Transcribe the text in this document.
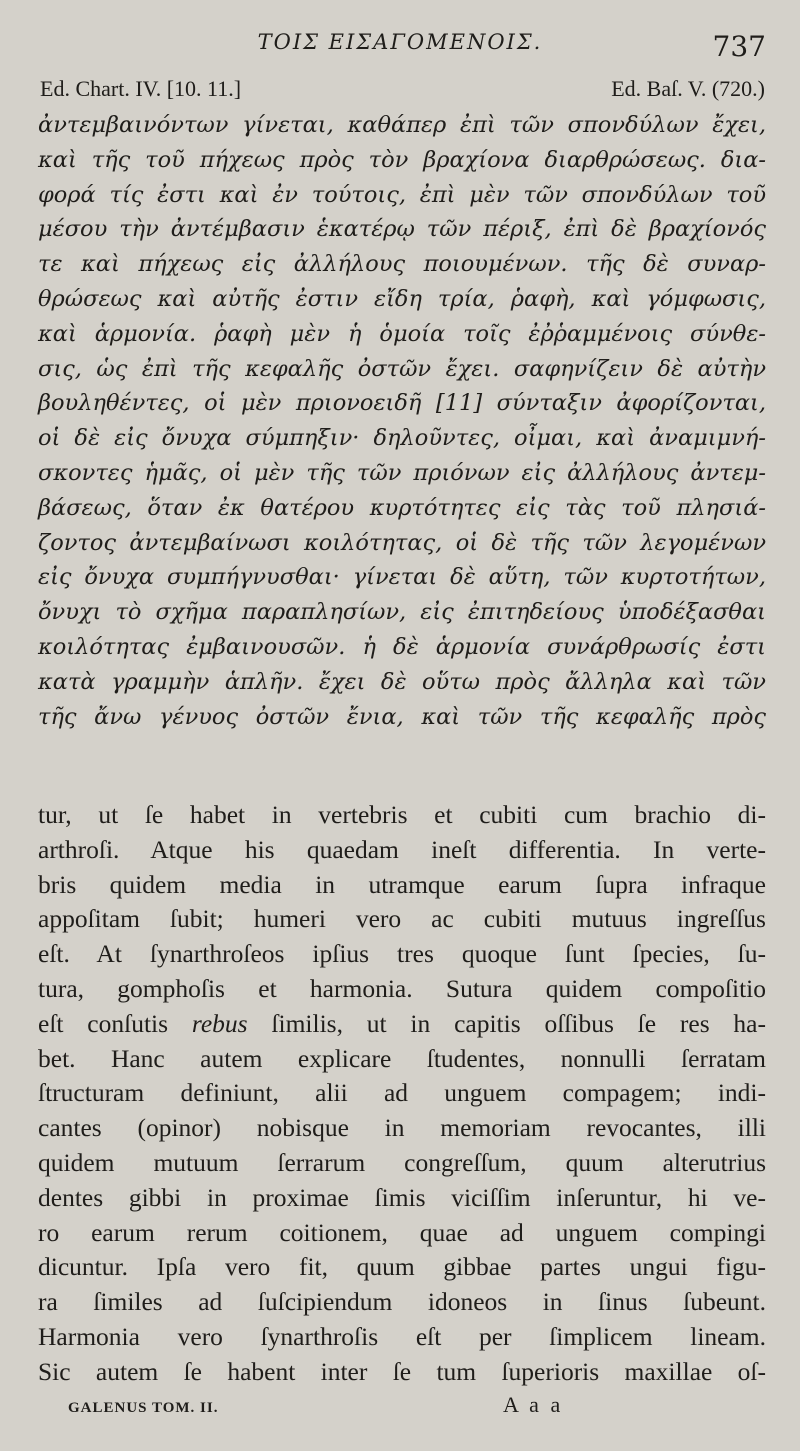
ΤΟΙΣ ΕΙΣΑΓΟΜΕΝΟΙΣ.	737
Ed. Chart. IV. [10. 11.]	Ed. Baſ. V. (720.)
ἀντεμβαινόντων γίνεται, καθάπερ ἐπὶ τῶν σπονδύλων ἔχει,
καὶ τῆς τοῦ πήχεως πρὸς τὸν βραχίονα διαρθρώσεως. δια-
φορά τίς ἐστι καὶ ἐν τούτοις, ἐπὶ μὲν τῶν σπονδύλων τοῦ
μέσου τὴν ἀντέμβασιν ἑκατέρῳ τῶν πέριξ, ἐπὶ δὲ βραχίονός
τε καὶ πήχεως εἰς ἀλλήλους ποιουμένων. τῆς δὲ συναρ-
θρώσεως καὶ αὐτῆς ἐστιν εἴδη τρία, ῥαφὴ, καὶ γόμφωσις,
καὶ ἁρμονία. ῥαφὴ μὲν ἡ ὁμοία τοῖς ἐῤῥαμμένοις σύνθε-
σις, ὡς ἐπὶ τῆς κεφαλῆς ὀστῶν ἔχει. σαφηνίζειν δὲ αὐτὴν
βουληθέντες, οἱ μὲν πριονοειδῆ [11] σύνταξιν ἀφορίζονται,
οἱ δὲ εἰς ὄνυχα σύμπηξιν· δηλοῦντες, οἶμαι, καὶ ἀναμιμνή-
σκοντες ἡμᾶς, οἱ μὲν τῆς τῶν πριόνων εἰς ἀλλήλους ἀντεμ-
βάσεως, ὅταν ἐκ θατέρου κυρτότητες εἰς τὰς τοῦ πλησιά-
ζοντος ἀντεμβαίνωσι κοιλότητας, οἱ δὲ τῆς τῶν λεγομένων
εἰς ὄνυχα συμπήγνυσθαι· γίνεται δὲ αὕτη, τῶν κυρτοτήτων,
ὄνυχι τὸ σχῆμα παραπλησίων, εἰς ἐπιτηδείους ὑποδέξασθαι
κοιλότητας ἐμβαινουσῶν. ἡ δὲ ἁρμονία συνάρθρωσίς ἐστι
κατὰ γραμμὴν ἁπλῆν. ἔχει δὲ οὕτω πρὸς ἄλληλα καὶ τῶν
τῆς ἄνω γένυος ὀστῶν ἔνια, καὶ τῶν τῆς κεφαλῆς πρὸς
tur, ut ſe habet in vertebris et cubiti cum brachio di-
arthroſi. Atque his quaedam ineſt differentia. In verte-
bris quidem media in utramque earum ſupra infraque
appoſitam ſubit; humeri vero ac cubiti mutuus ingreſſus
eſt. At ſynarthroſeos ipſius tres quoque ſunt ſpecies, ſu-
tura, gomphoſis et harmonia. Sutura quidem compoſitio
eſt conſutis rebus ſimilis, ut in capitis oſſibus ſe res ha-
bet. Hanc autem explicare ſtudentes, nonnulli ſerratam
ſtructuram definiunt, alii ad unguem compagem; indi-
cantes (opinor) nobisque in memoriam revocantes, illi
quidem mutuum ſerrarum congreſſum, quum alterutrius
dentes gibbi in proximae ſimis viciſſim inſeruntur, hi ve-
ro earum rerum coitionem, quae ad unguem compingi
dicuntur. Ipſa vero fit, quum gibbae partes ungui figu-
ra ſimiles ad ſuſcipiendum idoneos in ſinus ſubeunt.
Harmonia vero ſynarthroſis eſt per ſimplicem lineam.
Sic autem ſe habent inter ſe tum ſuperioris maxillae oſ-
GALENUS TOM. II.	A a a
